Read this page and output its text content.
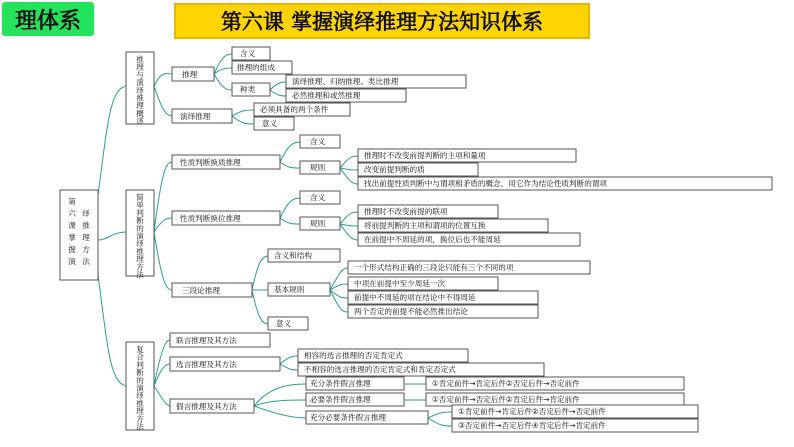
理体系	第六课 掌握演绎推理方法知识体系
第六课掌握演绎推理方法
推理与演绎推理概述
简单判断的演绎推理方法
复合判断的演绎推理方法
推理
含义
推理的组成
种类
演绎推理、归纳推理、类比推理
必然推理和或然推理
演绎推理
必须具备的两个条件
意义
性质判断换质推理
含义
规则
推理时不改变前提判断的主项和量项
改变前提判断的质
找出前提性质判断中与谓项相矛盾的概念，用它作为结论性质判断的谓项
性质判断换位推理
含义
规则
推理时不改变前提的联项
将前提判断的主项和谓项的位置互换
在前提中不周延的项，换位后也不能周延
三段论推理
含义和结构
基本规则
意义
一个形式结构正确的三段论只能有三个不同的项
中项在前提中至少周延一次
前提中不周延的项在结论中不得周延
两个否定的前提不能必然推出结论
联言推理及其方法
选言推理及其方法
相容的选言推理的否定肯定式
不相容的选言推理的否定肯定式和肯定否定式
假言推理及其方法
充分条件假言推理	①肯定前件→肯定后件②否定后件→否定前件
必要条件假言推理	①否定前件→否定后件②肯定后件→肯定前件
充分必要条件假言推理
①肯定前件→肯定后件②否定后件→否定前件
③否定前件→否定后件④肯定后件→肯定前件
